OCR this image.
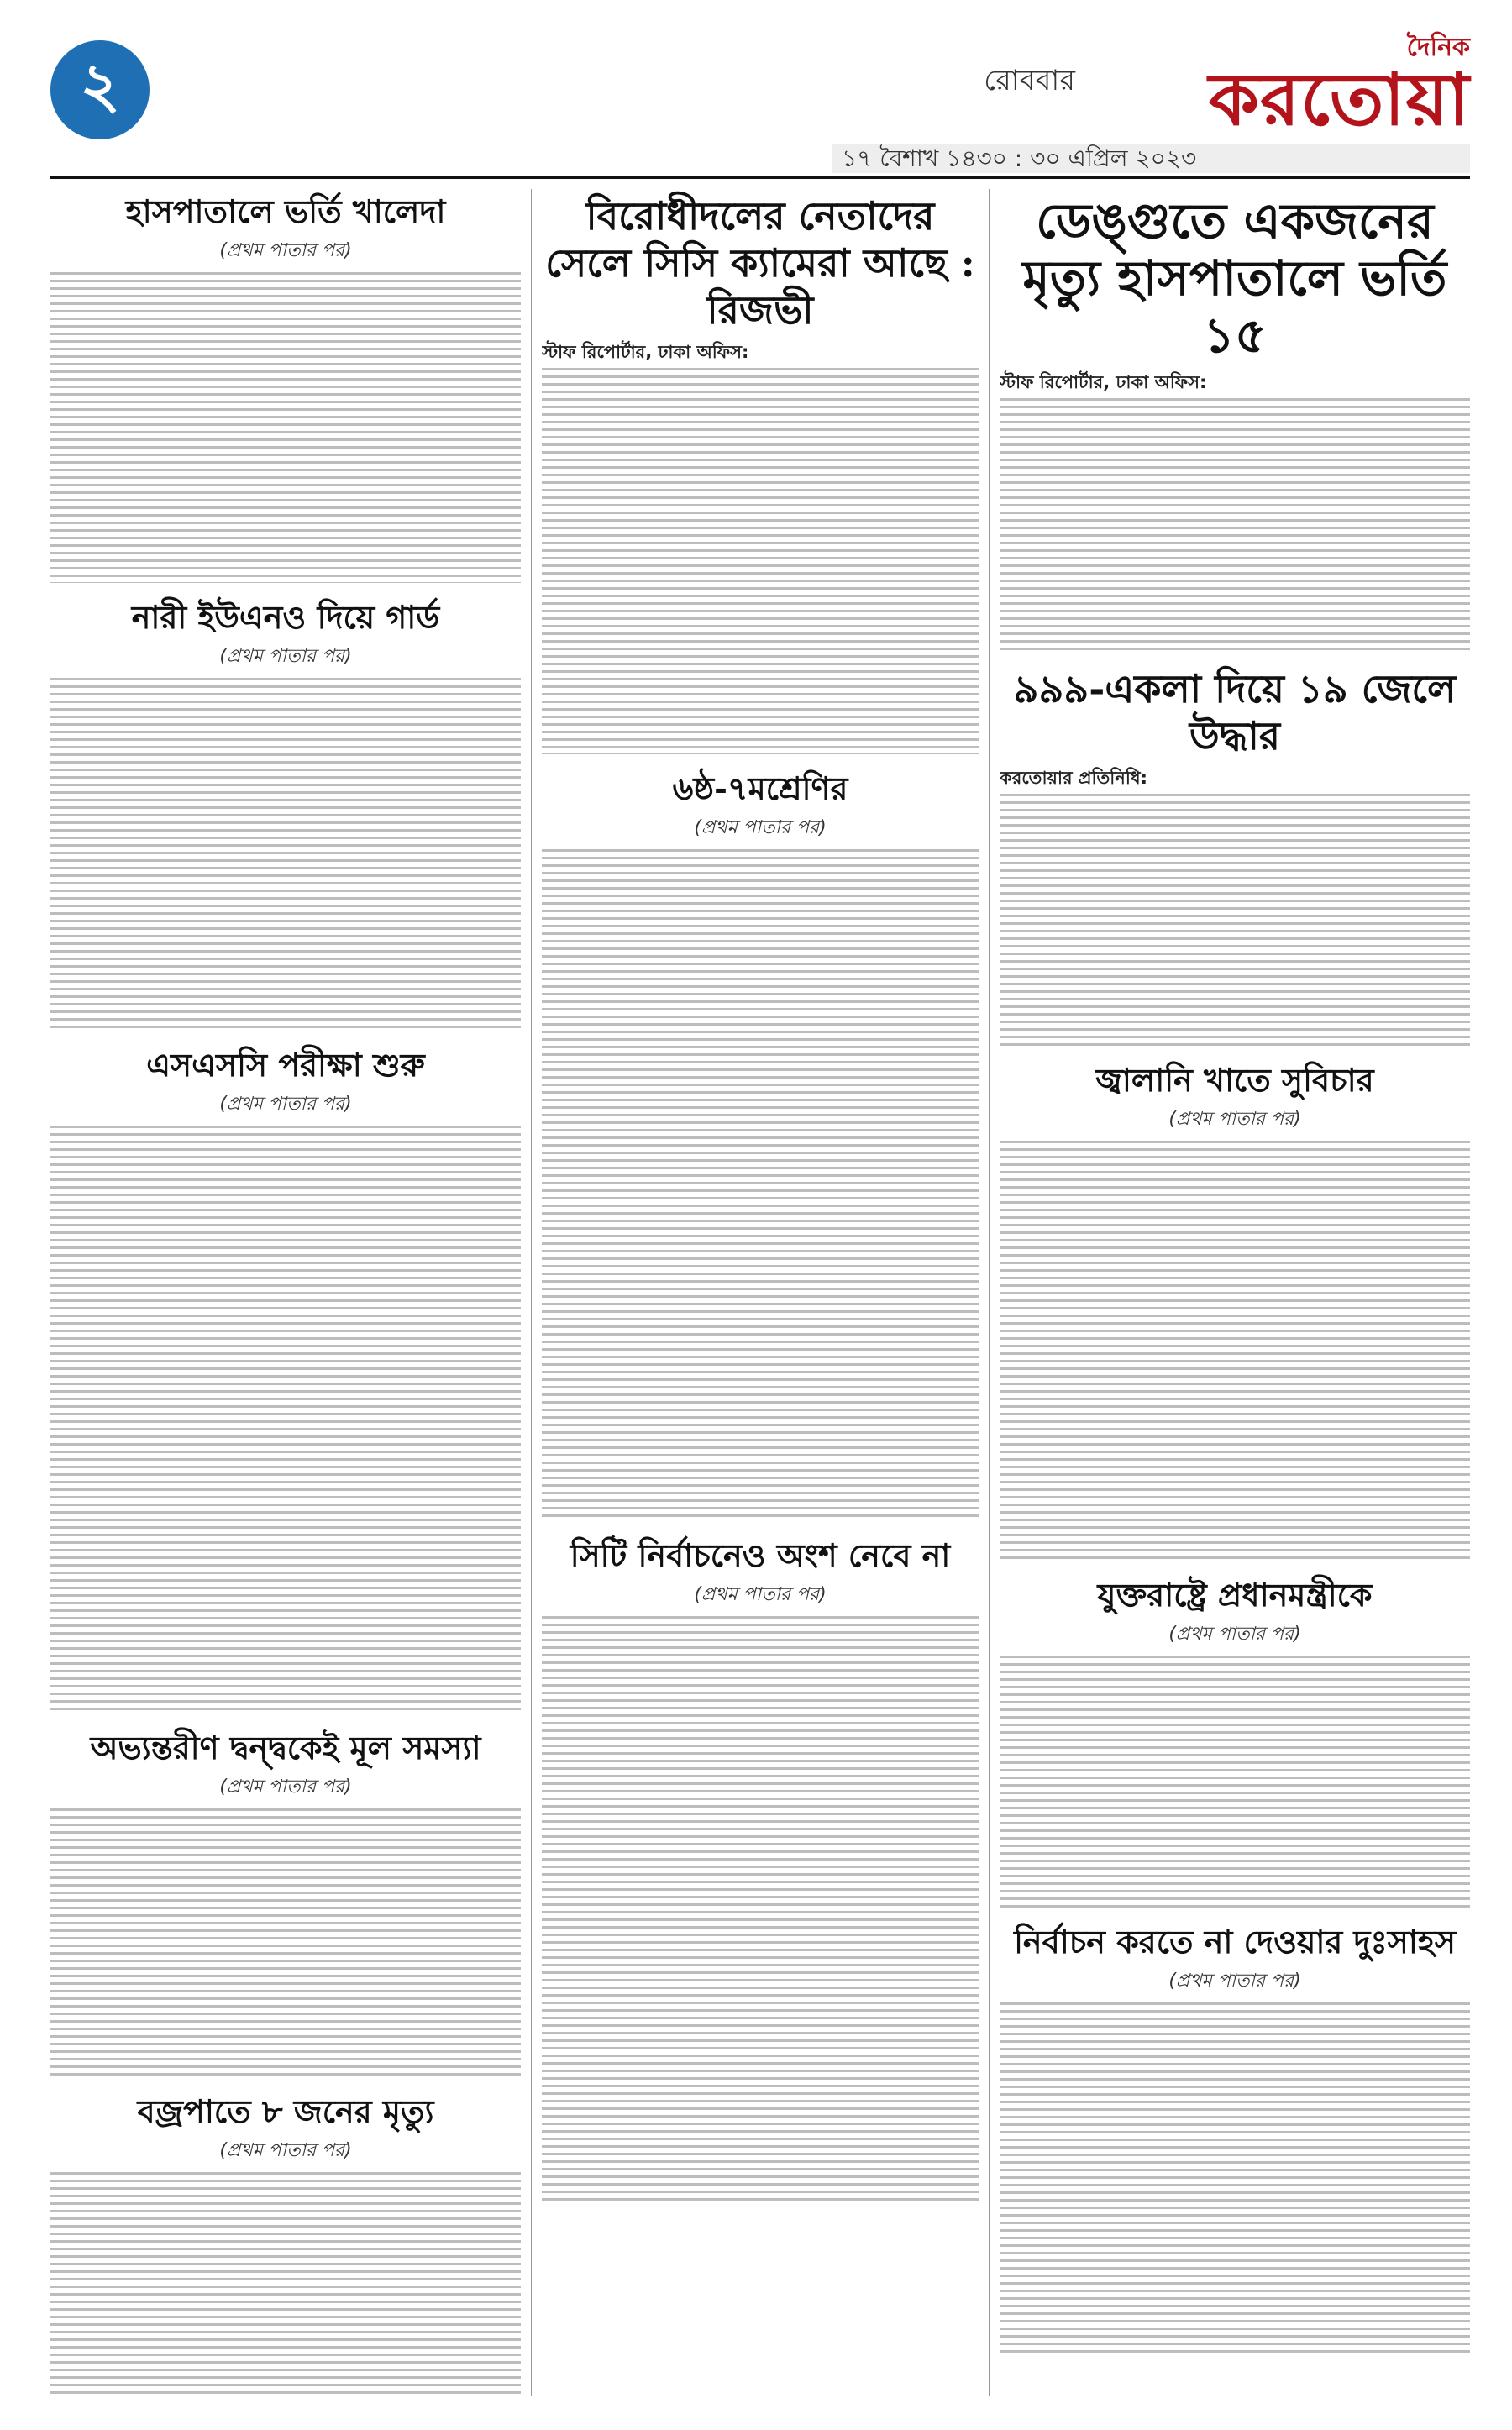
২	রোববার
দৈনিক
করতোয়া
১৭ বৈশাখ ১৪৩০ : ৩০ এপ্রিল ২০২৩
হাসপাতালে ভর্তি খালেদা
(প্রথম পাতার পর)
নারী ইউএনও দিয়ে গার্ড
(প্রথম পাতার পর)
এসএসসি পরীক্ষা শুরু
(প্রথম পাতার পর)
অভ্যন্তরীণ দ্বন্দ্বকেই মূল সমস্যা
(প্রথম পাতার পর)
বজ্রপাতে ৮ জনের মৃত্যু
(প্রথম পাতার পর)
বিরোধীদলের নেতাদের সেলে সিসি ক্যামেরা আছে : রিজভী
স্টাফ রিপোর্টার, ঢাকা অফিস:
৬ষ্ঠ-৭মশ্রেণির
(প্রথম পাতার পর)
সিটি নির্বাচনেও অংশ নেবে না
(প্রথম পাতার পর)
ডেঙ্গুতে একজনের মৃত্যু হাসপাতালে ভর্তি ১৫
স্টাফ রিপোর্টার, ঢাকা অফিস:
৯৯৯-একলা দিয়ে ১৯ জেলে উদ্ধার
করতোয়ার প্রতিনিধি:
জ্বালানি খাতে সুবিচার
(প্রথম পাতার পর)
যুক্তরাষ্ট্রে প্রধানমন্ত্রীকে
(প্রথম পাতার পর)
নির্বাচন করতে না দেওয়ার দুঃসাহস
(প্রথম পাতার পর)
